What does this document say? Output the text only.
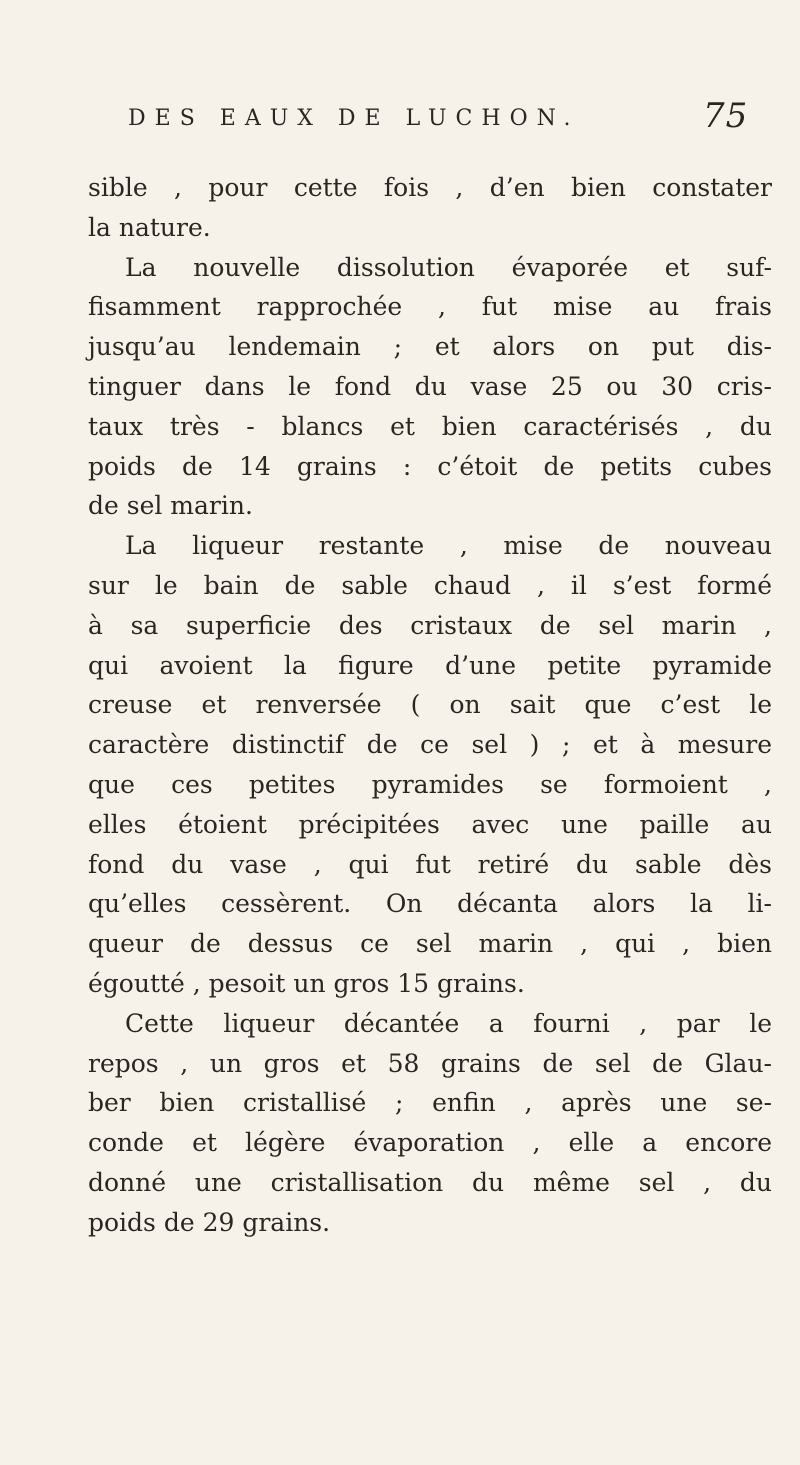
DES EAUX DE LUCHON.	75
sible , pour cette fois , d’en bien constater
la nature.
La nouvelle dissolution évaporée et suf-
fisamment rapprochée , fut mise au frais
jusqu’au lendemain ; et alors on put dis-
tinguer dans le fond du vase 25 ou 30 cris-
taux très - blancs et bien caractérisés , du
poids de 14 grains : c’étoit de petits cubes
de sel marin.
La liqueur restante , mise de nouveau
sur le bain de sable chaud , il s’est formé
à sa superficie des cristaux de sel marin ,
qui avoient la figure d’une petite pyramide
creuse et renversée ( on sait que c’est le
caractère distinctif de ce sel ) ; et à mesure
que ces petites pyramides se formoient ,
elles étoient précipitées avec une paille au
fond du vase , qui fut retiré du sable dès
qu’elles cessèrent. On décanta alors la li-
queur de dessus ce sel marin , qui , bien
égoutté , pesoit un gros 15 grains.
Cette liqueur décantée a fourni , par le
repos , un gros et 58 grains de sel de Glau-
ber bien cristallisé ; enfin , après une se-
conde et légère évaporation , elle a encore
donné une cristallisation du même sel , du
poids de 29 grains.
